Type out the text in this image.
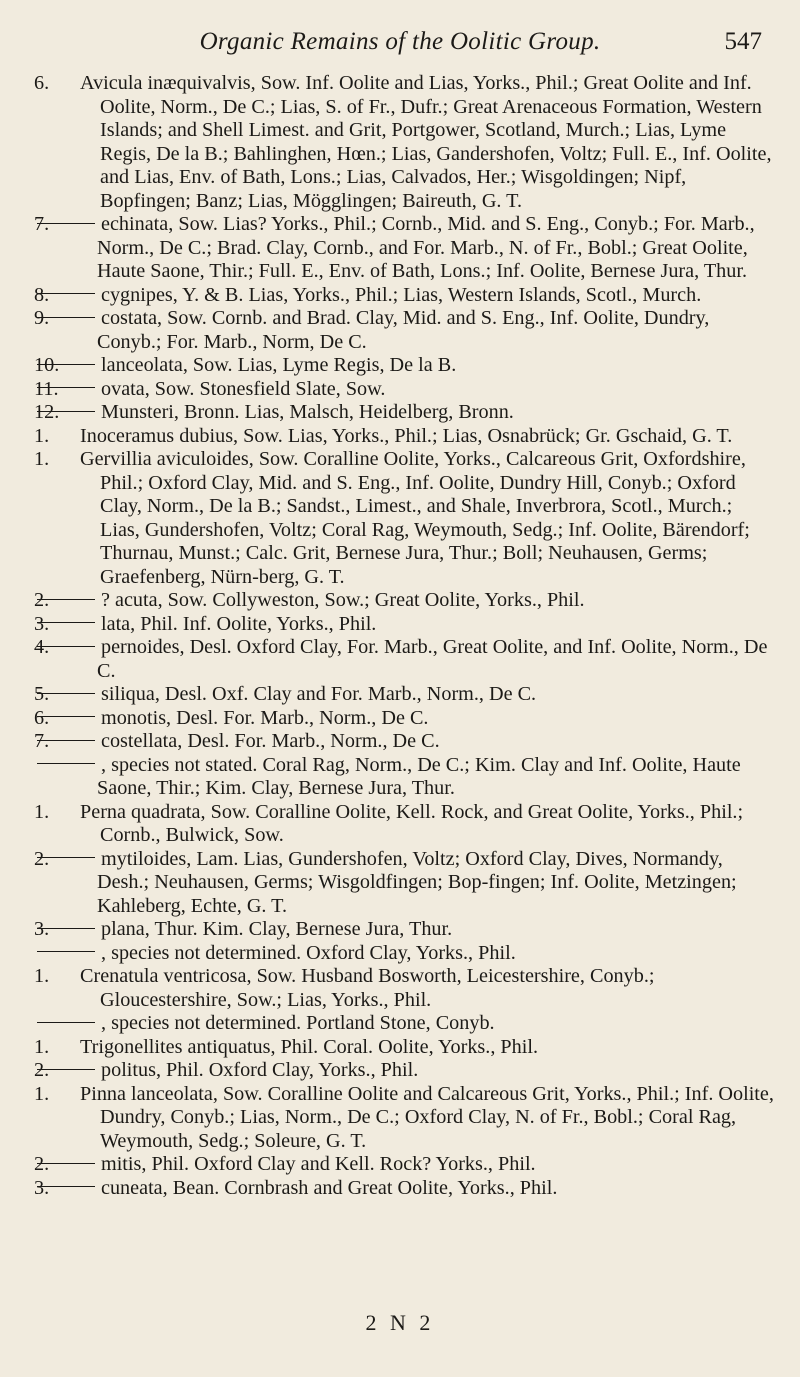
Organic Remains of the Oolitic Group.	547
6. Avicula inæquivalvis, Sow. Inf. Oolite and Lias, Yorks., Phil.; Great Oolite and Inf. Oolite, Norm., De C.; Lias, S. of Fr., Dufr.; Great Arenaceous Formation, Western Islands; and Shell Limest. and Grit, Portgower, Scotland, Murch.; Lias, Lyme Regis, De la B.; Bahlinghen, Hœn.; Lias, Gandershofen, Voltz; Full. E., Inf. Oolite, and Lias, Env. of Bath, Lons.; Lias, Calvados, Her.; Wisgoldingen; Nipf, Bopfingen; Banz; Lias, Mögglingen; Baireuth, G. T.
7.	echinata, Sow. Lias? Yorks., Phil.; Cornb., Mid. and S. Eng., Conyb.; For. Marb., Norm., De C.; Brad. Clay, Cornb., and For. Marb., N. of Fr., Bobl.; Great Oolite, Haute Saone, Thir.; Full. E., Env. of Bath, Lons.; Inf. Oolite, Bernese Jura, Thur.
8.	cygnipes, Y. & B. Lias, Yorks., Phil.; Lias, Western Islands, Scotl., Murch.
9.	costata, Sow. Cornb. and Brad. Clay, Mid. and S. Eng., Inf. Oolite, Dundry, Conyb.; For. Marb., Norm, De C.
10. lanceolata, Sow. Lias, Lyme Regis, De la B.
11. ovata, Sow. Stonesfield Slate, Sow.
12. Munsteri, Bronn. Lias, Malsch, Heidelberg, Bronn.
1. Inoceramus dubius, Sow. Lias, Yorks., Phil.; Lias, Osnabrück; Gr. Gschaid, G. T.
1. Gervillia aviculoides, Sow. Coralline Oolite, Yorks., Calcareous Grit, Oxfordshire, Phil.; Oxford Clay, Mid. and S. Eng., Inf. Oolite, Dundry Hill, Conyb.; Oxford Clay, Norm., De la B.; Sandst., Limest., and Shale, Inverbrora, Scotl., Murch.; Lias, Gundershofen, Voltz; Coral Rag, Weymouth, Sedg.; Inf. Oolite, Bärendorf; Thurnau, Munst.; Calc. Grit, Bernese Jura, Thur.; Boll; Neuhausen, Germs; Graefenberg, Nürn-berg, G. T.
2.	? acuta, Sow. Collyweston, Sow.; Great Oolite, Yorks., Phil.
3.	lata, Phil. Inf. Oolite, Yorks., Phil.
4.	pernoides, Desl. Oxford Clay, For. Marb., Great Oolite, and Inf. Oolite, Norm., De C.
5.	siliqua, Desl. Oxf. Clay and For. Marb., Norm., De C.
6.	monotis, Desl. For. Marb., Norm., De C.
7.	costellata, Desl. For. Marb., Norm., De C.
, species not stated. Coral Rag, Norm., De C.; Kim. Clay and Inf. Oolite, Haute Saone, Thir.; Kim. Clay, Bernese Jura, Thur.
1. Perna quadrata, Sow. Coralline Oolite, Kell. Rock, and Great Oolite, Yorks., Phil.; Cornb., Bulwick, Sow.
2.	mytiloides, Lam. Lias, Gundershofen, Voltz; Oxford Clay, Dives, Normandy, Desh.; Neuhausen, Germs; Wisgoldfingen; Bop-fingen; Inf. Oolite, Metzingen; Kahleberg, Echte, G. T.
3.	plana, Thur. Kim. Clay, Bernese Jura, Thur.
, species not determined. Oxford Clay, Yorks., Phil.
1. Crenatula ventricosa, Sow. Husband Bosworth, Leicestershire, Conyb.; Gloucestershire, Sow.; Lias, Yorks., Phil.
, species not determined. Portland Stone, Conyb.
1. Trigonellites antiquatus, Phil. Coral. Oolite, Yorks., Phil.
2.	politus, Phil. Oxford Clay, Yorks., Phil.
1. Pinna lanceolata, Sow. Coralline Oolite and Calcareous Grit, Yorks., Phil.; Inf. Oolite, Dundry, Conyb.; Lias, Norm., De C.; Oxford Clay, N. of Fr., Bobl.; Coral Rag, Weymouth, Sedg.; Soleure, G. T.
2.	mitis, Phil. Oxford Clay and Kell. Rock? Yorks., Phil.
3.	cuneata, Bean. Cornbrash and Great Oolite, Yorks., Phil.
2 N 2
